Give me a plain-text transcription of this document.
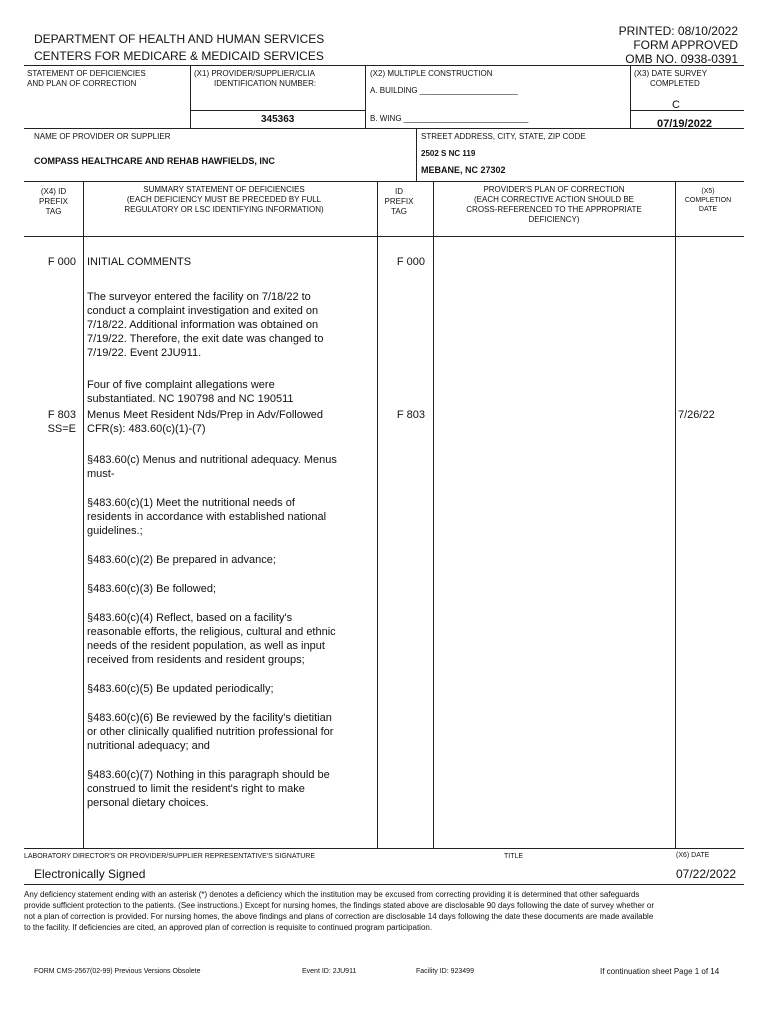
DEPARTMENT OF HEALTH AND HUMAN SERVICES
CENTERS FOR MEDICARE & MEDICAID SERVICES
PRINTED: 08/10/2022
FORM APPROVED
OMB NO. 0938-0391
STATEMENT OF DEFICIENCIES
AND PLAN OF CORRECTION
(X1) PROVIDER/SUPPLIER/CLIA
IDENTIFICATION NUMBER:
345363
(X2) MULTIPLE CONSTRUCTION
A. BUILDING ______________________
B. WING ____________________________
(X3) DATE SURVEY
COMPLETED
C
07/19/2022
NAME OF PROVIDER OR SUPPLIER
COMPASS HEALTHCARE AND REHAB HAWFIELDS, INC
STREET ADDRESS, CITY, STATE, ZIP CODE
2502 S NC 119
MEBANE, NC 27302
(X4) ID
PREFIX
TAG
SUMMARY STATEMENT OF DEFICIENCIES
(EACH DEFICIENCY MUST BE PRECEDED BY FULL
REGULATORY OR LSC IDENTIFYING INFORMATION)
ID
PREFIX
TAG
PROVIDER'S PLAN OF CORRECTION
(EACH CORRECTIVE ACTION SHOULD BE
CROSS-REFERENCED TO THE APPROPRIATE
DEFICIENCY)
(X5)
COMPLETION
DATE
F 000 INITIAL COMMENTS	F 000
The surveyor entered the facility on 7/18/22 to conduct a complaint investigation and exited on 7/18/22. Additional information was obtained on 7/19/22. Therefore, the exit date was changed to 7/19/22. Event 2JU911.
Four of five complaint allegations were
substantiated. NC 190798 and NC 190511
F 803
SS=E
Menus Meet Resident Nds/Prep in Adv/Followed
CFR(s): 483.60(c)(1)-(7)
F 803	7/26/22

§483.60(c) Menus and nutritional adequacy. Menus must-

§483.60(c)(1) Meet the nutritional needs of residents in accordance with established national guidelines.;

§483.60(c)(2) Be prepared in advance;

§483.60(c)(3) Be followed;

§483.60(c)(4) Reflect, based on a facility's reasonable efforts, the religious, cultural and ethnic needs of the resident population, as well as input received from residents and resident groups;

§483.60(c)(5) Be updated periodically;

§483.60(c)(6) Be reviewed by the facility's dietitian or other clinically qualified nutrition professional for nutritional adequacy; and

§483.60(c)(7) Nothing in this paragraph should be construed to limit the resident's right to make personal dietary choices.

LABORATORY DIRECTOR'S OR PROVIDER/SUPPLIER REPRESENTATIVE'S SIGNATURE	TITLE	(X6) DATE
Electronically Signed	07/22/2022
Any deficiency statement ending with an asterisk (*) denotes a deficiency which the institution may be excused from correcting providing it is determined that other safeguards provide sufficient protection to the patients. (See instructions.) Except for nursing homes, the findings stated above are disclosable 90 days following the date of survey whether or not a plan of correction is provided. For nursing homes, the above findings and plans of correction are disclosable 14 days following the date these documents are made available to the facility. If deficiencies are cited, an approved plan of correction is requisite to continued program participation.
FORM CMS-2567(02-99) Previous Versions Obsolete	Event ID: 2JU911	Facility ID: 923499	If continuation sheet Page 1 of 14
